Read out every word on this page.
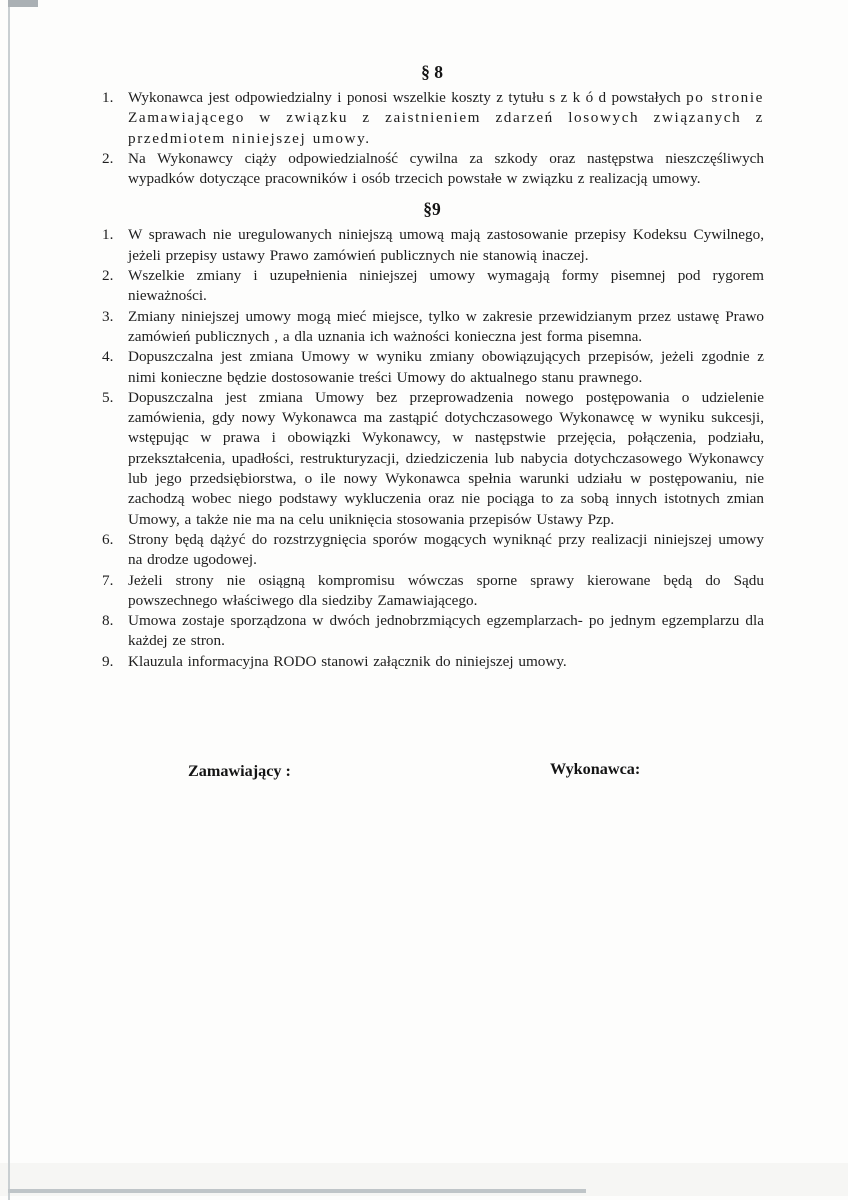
§ 8
1. Wykonawca jest odpowiedzialny i ponosi wszelkie koszty z tytułu s z k ó d powstałych po stronie Zamawiającego w związku z zaistnieniem zdarzeń losowych związanych z przedmiotem niniejszej umowy.
2. Na Wykonawcy ciąży odpowiedzialność cywilna za szkody oraz następstwa nieszczęśliwych wypadków dotyczące pracowników i osób trzecich powstałe w związku z realizacją umowy.
§9
1. W sprawach nie uregulowanych niniejszą umową mają zastosowanie przepisy Kodeksu Cywilnego, jeżeli przepisy ustawy Prawo zamówień publicznych nie stanowią inaczej.
2. Wszelkie zmiany i uzupełnienia niniejszej umowy wymagają formy pisemnej pod rygorem nieważności.
3. Zmiany niniejszej umowy mogą mieć miejsce, tylko w zakresie przewidzianym przez ustawę Prawo zamówień publicznych , a dla uznania ich ważności konieczna jest forma pisemna.
4. Dopuszczalna jest zmiana Umowy w wyniku zmiany obowiązujących przepisów, jeżeli zgodnie z nimi konieczne będzie dostosowanie treści Umowy do aktualnego stanu prawnego.
5. Dopuszczalna jest zmiana Umowy bez przeprowadzenia nowego postępowania o udzielenie zamówienia, gdy nowy Wykonawca ma zastąpić dotychczasowego Wykonawcę w wyniku sukcesji, wstępując w prawa i obowiązki Wykonawcy, w następstwie przejęcia, połączenia, podziału, przekształcenia, upadłości, restrukturyzacji, dziedziczenia lub nabycia dotychczasowego Wykonawcy lub jego przedsiębiorstwa, o ile nowy Wykonawca spełnia warunki udziału w postępowaniu, nie zachodzą wobec niego podstawy wykluczenia oraz nie pociąga to za sobą innych istotnych zmian Umowy, a także nie ma na celu uniknięcia stosowania przepisów Ustawy Pzp.
6. Strony będą dążyć do rozstrzygnięcia sporów mogących wyniknąć przy realizacji niniejszej umowy na drodze ugodowej.
7. Jeżeli strony nie osiągną kompromisu wówczas sporne sprawy kierowane będą do Sądu powszechnego właściwego dla siedziby Zamawiającego.
8. Umowa zostaje sporządzona w dwóch jednobrzmiących egzemplarzach- po jednym egzemplarzu dla każdej ze stron.
9. Klauzula informacyjna RODO stanowi załącznik do niniejszej umowy.
Zamawiający :	Wykonawca:
